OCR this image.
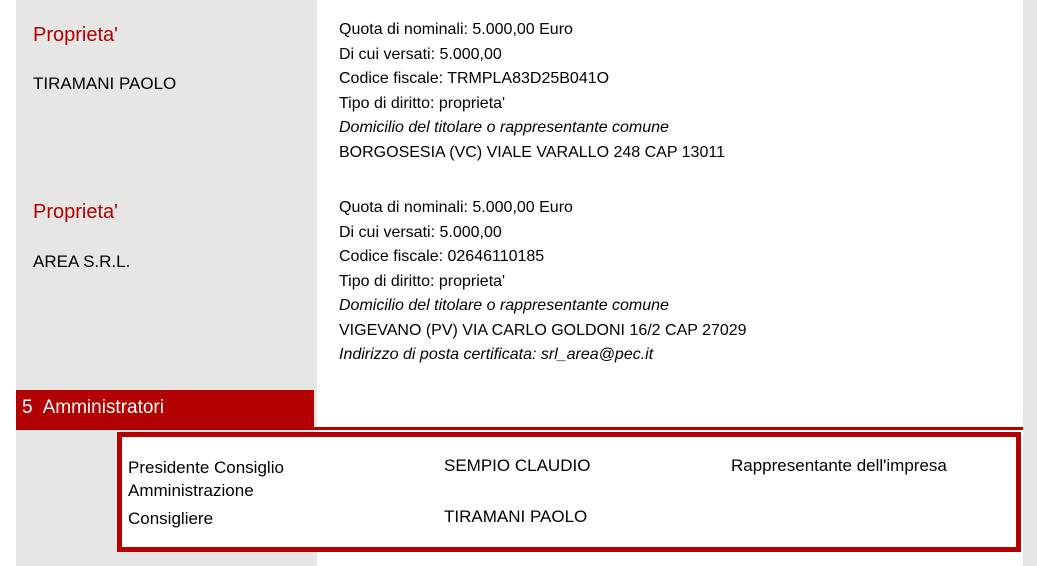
Proprieta'
TIRAMANI PAOLO
Quota di nominali: 5.000,00 Euro
Di cui versati: 5.000,00
Codice fiscale: TRMPLA83D25B041O
Tipo di diritto: proprieta'
Domicilio del titolare o rappresentante comune
BORGOSESIA (VC) VIALE VARALLO 248 CAP 13011
Proprieta'
AREA S.R.L.
Quota di nominali: 5.000,00 Euro
Di cui versati: 5.000,00
Codice fiscale: 02646110185
Tipo di diritto: proprieta'
Domicilio del titolare o rappresentante comune
VIGEVANO (PV) VIA CARLO GOLDONI 16/2 CAP 27029
Indirizzo di posta certificata: srl_area@pec.it
5 Amministratori
Presidente Consiglio Amministrazione
SEMPIO CLAUDIO	Rappresentante dell'impresa
Consigliere	TIRAMANI PAOLO
